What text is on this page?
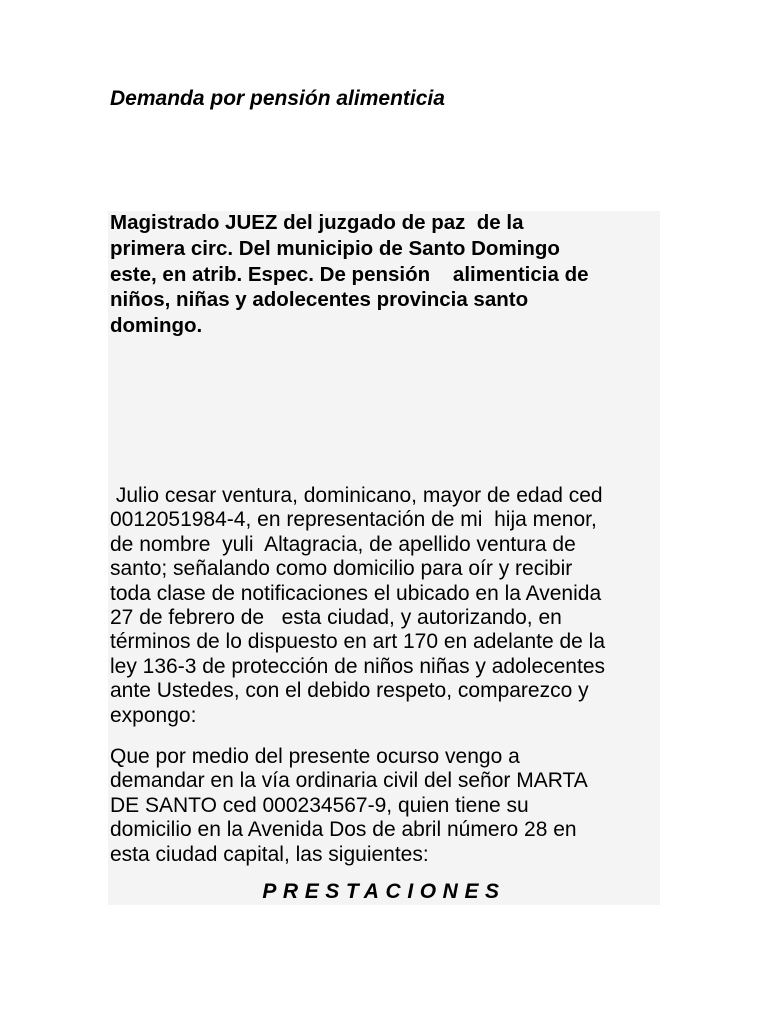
Demanda por pensión alimenticia

Magistrado JUEZ del juzgado de paz  de la
primera circ. Del municipio de Santo Domingo
este, en atrib. Espec. De pensión    alimenticia de
niños, niñas y adolecentes provincia santo
domingo.

Julio cesar ventura, dominicano, mayor de edad ced
0012051984-4, en representación de mi  hija menor,
de nombre  yuli  Altagracia, de apellido ventura de
santo; señalando como domicilio para oír y recibir
toda clase de notificaciones el ubicado en la Avenida
27 de febrero de   esta ciudad, y autorizando, en
términos de lo dispuesto en art 170 en adelante de la
ley 136-3 de protección de niños niñas y adolecentes
ante Ustedes, con el debido respeto, comparezco y
expongo:

Que por medio del presente ocurso vengo a
demandar en la vía ordinaria civil del señor MARTA
DE SANTO ced 000234567-9, quien tiene su
domicilio en la Avenida Dos de abril número 28 en
esta ciudad capital, las siguientes:

PRESTACIONES
